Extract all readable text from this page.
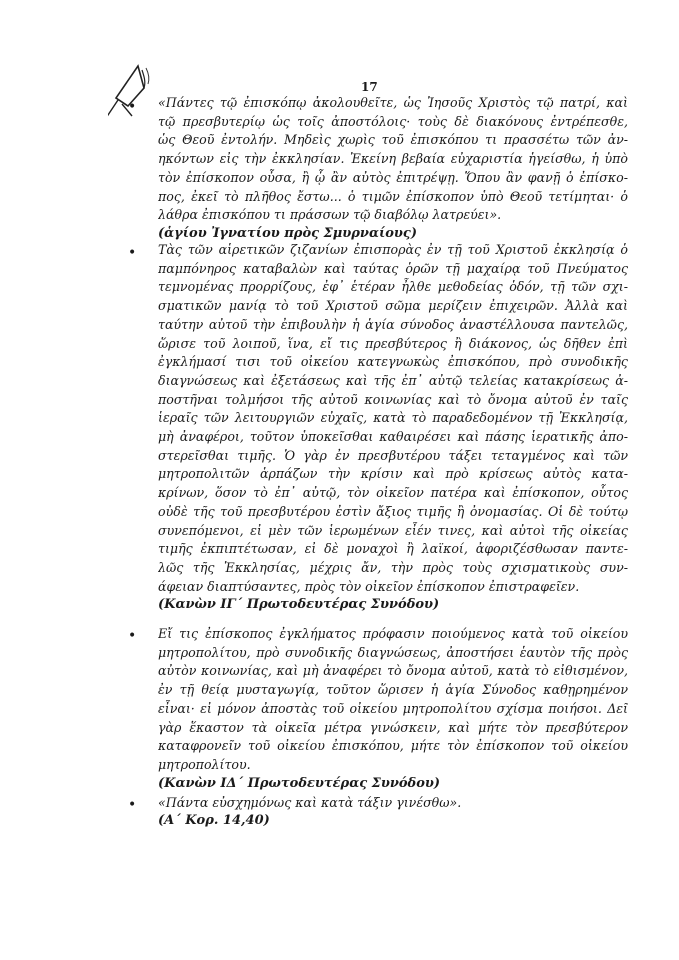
17
• «Πάντες τῷ ἐπισκόπῳ ἀκολουθεῖτε, ὡς Ἰησοῦς Χριστὸς τῷ πατρί, καὶ
τῷ πρεσβυτερίῳ ὡς τοῖς ἀποστόλοις· τοὺς δὲ διακόνους ἐντρέπεσθε,
ὡς Θεοῦ ἐντολήν. Μηδεὶς χωρὶς τοῦ ἐπισκόπου τι πρασσέτω τῶν ἀν-
ηκόντων εἰς τὴν ἐκκλησίαν. Ἐκείνη βεβαία εὐχαριστία ἡγείσθω, ἡ ὑπὸ
τὸν ἐπίσκοπον οὖσα, ἢ ᾧ ἂν αὐτὸς ἐπιτρέψῃ. Ὅπου ἂν φανῇ ὁ ἐπίσκο-
πος, ἐκεῖ τὸ πλῆθος ἔστω... ὁ τιμῶν ἐπίσκοπον ὑπὸ Θεοῦ τετίμηται· ὁ
λάθρα ἐπισκόπου τι πράσσων τῷ διαβόλῳ λατρεύει».
(ἁγίου Ἰγνατίου πρὸς Σμυρναίους)
• Τὰς τῶν αἱρετικῶν ζιζανίων ἐπισπορὰς ἐν τῇ τοῦ Χριστοῦ ἐκκλησίᾳ ὁ
παμπόνηρος καταβαλὼν καὶ ταύτας ὁρῶν τῇ μαχαίρᾳ τοῦ Πνεύματος
τεμνομένας προρρίζους, ἐφ᾽ ἑτέραν ἦλθε μεθοδείας ὁδόν, τῇ τῶν σχι-
σματικῶν μανίᾳ τὸ τοῦ Χριστοῦ σῶμα μερίζειν ἐπιχειρῶν. Ἀλλὰ καὶ
ταύτην αὐτοῦ τὴν ἐπιβουλὴν ἡ ἁγία σύνοδος ἀναστέλλουσα παντελῶς,
ὥρισε τοῦ λοιποῦ, ἵνα, εἴ τις πρεσβύτερος ἢ διάκονος, ὡς δῆθεν ἐπὶ
ἐγκλήμασί τισι τοῦ οἰκείου κατεγνωκὼς ἐπισκόπου, πρὸ συνοδικῆς
διαγνώσεως καὶ ἐξετάσεως καὶ τῆς ἐπ᾽ αὐτῷ τελείας κατακρίσεως ἀ-
ποστῆναι τολμήσοι τῆς αὐτοῦ κοινωνίας καὶ τὸ ὄνομα αὐτοῦ ἐν ταῖς
ἱεραῖς τῶν λειτουργιῶν εὐχαῖς, κατὰ τὸ παραδεδομένον τῇ Ἐκκλησίᾳ,
μὴ ἀναφέροι, τοῦτον ὑποκεῖσθαι καθαιρέσει καὶ πάσης ἱερατικῆς ἀπο-
στερεῖσθαι τιμῆς. Ὁ γὰρ ἐν πρεσβυτέρου τάξει τεταγμένος καὶ τῶν
μητροπολιτῶν ἁρπάζων τὴν κρίσιν καὶ πρὸ κρίσεως αὐτὸς κατα-
κρίνων, ὅσον τὸ ἐπ᾽ αὐτῷ, τὸν οἰκεῖον πατέρα καὶ ἐπίσκοπον, οὗτος
οὐδὲ τῆς τοῦ πρεσβυτέρου ἐστὶν ἄξιος τιμῆς ἢ ὀνομασίας. Οἱ δὲ τούτῳ
συνεπόμενοι, εἰ μὲν τῶν ἱερωμένων εἶέν τινες, καὶ αὐτοὶ τῆς οἰκείας
τιμῆς ἐκπιπτέτωσαν, εἰ δὲ μοναχοὶ ἢ λαϊκοί, ἀφοριζέσθωσαν παντε-
λῶς τῆς Ἐκκλησίας, μέχρις ἄν, τὴν πρὸς τοὺς σχισματικοὺς συν-
άφειαν διαπτύσαντες, πρὸς τὸν οἰκεῖον ἐπίσκοπον ἐπιστραφεῖεν.
(Κανὼν ΙΓ΄ Πρωτοδευτέρας Συνόδου)
• Εἴ τις ἐπίσκοπος ἐγκλήματος πρόφασιν ποιούμενος κατὰ τοῦ οἰκείου
μητροπολίτου, πρὸ συνοδικῆς διαγνώσεως, ἀποστήσει ἑαυτὸν τῆς πρὸς
αὐτὸν κοινωνίας, καὶ μὴ ἀναφέρει τὸ ὄνομα αὐτοῦ, κατὰ τὸ εἰθισμένον,
ἐν τῇ θείᾳ μυσταγωγίᾳ, τοῦτον ὥρισεν ἡ ἁγία Σύνοδος καθῃρημένον
εἶναι· εἰ μόνον ἀποστὰς τοῦ οἰκείου μητροπολίτου σχίσμα ποιήσοι. Δεῖ
γὰρ ἕκαστον τὰ οἰκεῖα μέτρα γινώσκειν, καὶ μήτε τὸν πρεσβύτερον
καταφρονεῖν τοῦ οἰκείου ἐπισκόπου, μήτε τὸν ἐπίσκοπον τοῦ οἰκείου
μητροπολίτου.
(Κανὼν ΙΔ΄ Πρωτοδευτέρας Συνόδου)
• «Πάντα εὐσχημόνως καὶ κατὰ τάξιν γινέσθω».
(Α΄ Κορ. 14,40)
